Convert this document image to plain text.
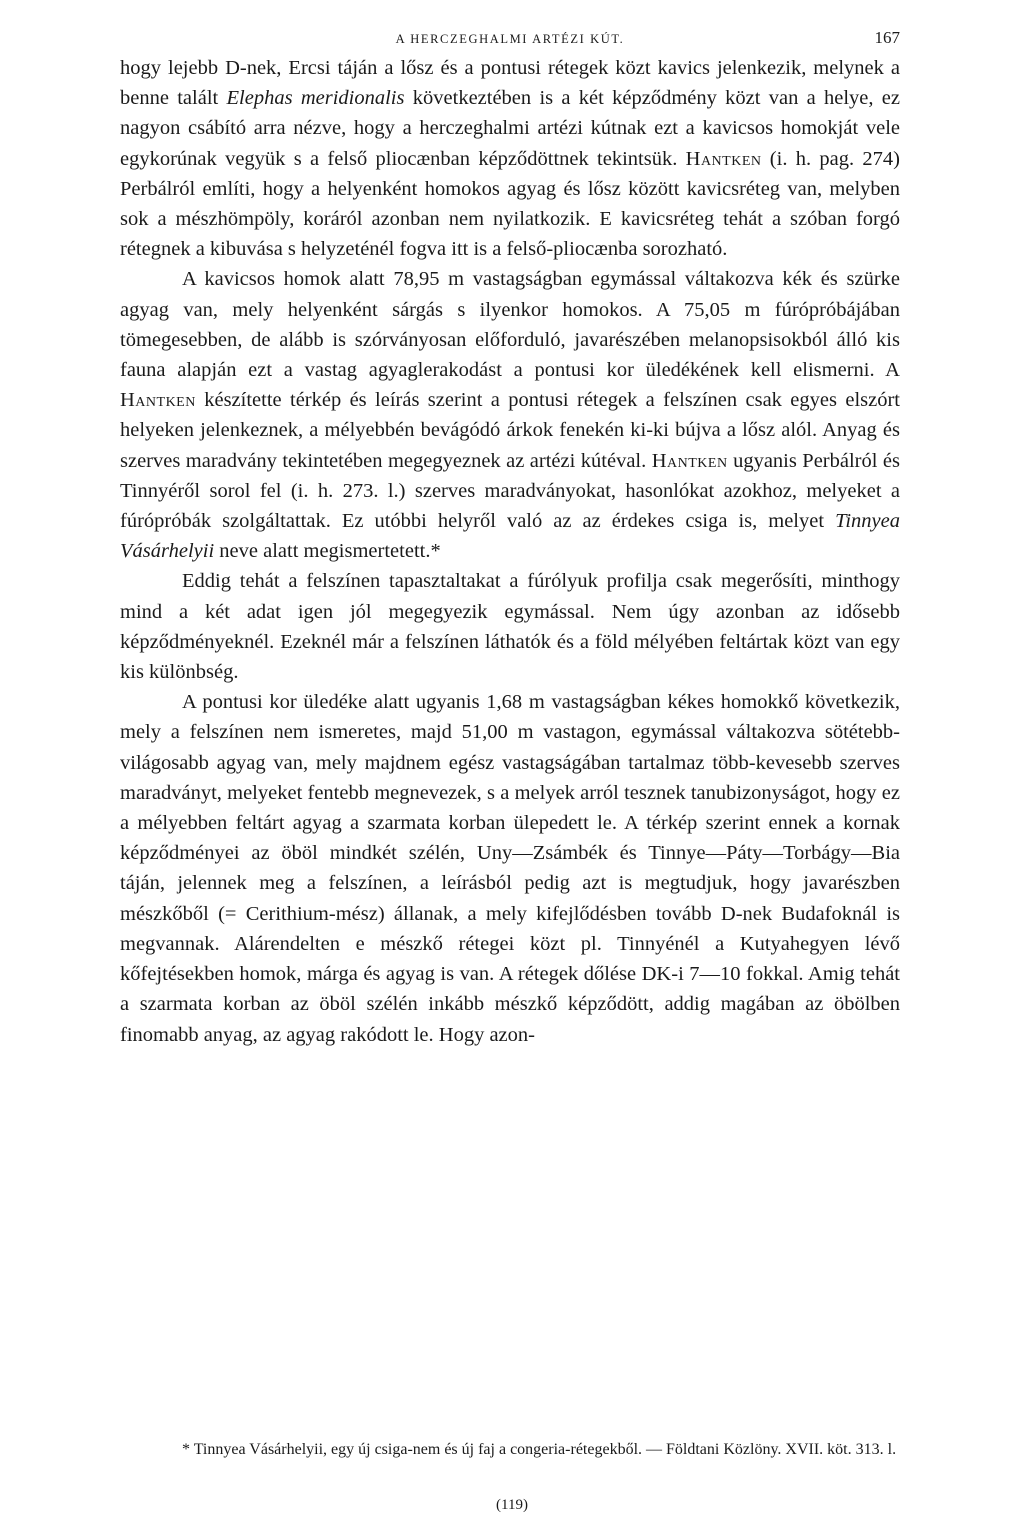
A HERCZEGHALMI ARTÉZI KÚT.	167

hogy lejebb D-nek, Ercsi táján a lősz és a pontusi rétegek közt kavics jelenkezik, melynek a benne talált Elephas meridionalis következtében is a két képződmény közt van a helye, ez nagyon csábító arra nézve, hogy a herczeghalmi artézi kútnak ezt a kavicsos homokját vele egykorúnak vegyük s a felső pliocænban képződöttnek tekintsük. Hantken (i. h. pag. 274) Perbálról említi, hogy a helyenként homokos agyag és lősz között kavicsréteg van, melyben sok a mészhömpöly, koráról azonban nem nyilatkozik. E kavicsréteg tehát a szóban forgó rétegnek a kibuvása s helyzeténél fogva itt is a felső-pliocænba sorozható.

A kavicsos homok alatt 78,95 m vastagságban egymással váltakozva kék és szürke agyag van, mely helyenként sárgás s ilyenkor homokos. A 75,05 m fúrópróbájában tömegesebben, de alább is szórványosan előforduló, javarészében melanopsisokból álló kis fauna alapján ezt a vastag agyaglerakodást a pontusi kor üledékének kell elismerni. A Hantken készítette térkép és leírás szerint a pontusi rétegek a felszínen csak egyes elszórt helyeken jelenkeznek, a mélyebbén bevágódó árkok fenekén ki-ki bújva a lősz alól. Anyag és szerves maradvány tekintetében megegyeznek az artézi kútéval. Hantken ugyanis Perbálról és Tinnyéről sorol fel (i. h. 273. l.) szerves maradványokat, hasonlókat azokhoz, melyeket a fúrópróbák szolgáltattak. Ez utóbbi helyről való az az érdekes csiga is, melyet Tinnyea Vásárhelyii neve alatt megismertetett.*

Eddig tehát a felszínen tapasztaltakat a fúrólyuk profilja csak megerősíti, minthogy mind a két adat igen jól megegyezik egymással. Nem úgy azonban az idősebb képződményeknél. Ezeknél már a felszínen láthatók és a föld mélyében feltártak közt van egy kis különbség.

A pontusi kor üledéke alatt ugyanis 1,68 m vastagságban kékes homokkő következik, mely a felszínen nem ismeretes, majd 51,00 m vastagon, egymással váltakozva sötétebb-világosabb agyag van, mely majdnem egész vastagságában tartalmaz több-kevesebb szerves maradványt, melyeket fentebb megnevezek, s a melyek arról tesznek tanubizonyságot, hogy ez a mélyebben feltárt agyag a szarmata korban ülepedett le. A térkép szerint ennek a kornak képződményei az öböl mindkét szélén, Uny—Zsámbék és Tinnye—Páty—Torbágy—Bia táján, jelennek meg a felszínen, a leírásból pedig azt is megtudjuk, hogy javarészben mészkőből (= Cerithium-mész) állanak, a mely kifejlődésben tovább D-nek Budafoknál is megvannak. Alárendelten e mészkő rétegei közt pl. Tinnyénél a Kutyahegyen lévő kőfejtésekben homok, márga és agyag is van. A rétegek dőlése DK-i 7—10 fokkal. Amig tehát a szarmata korban az öböl szélén inkább mészkő képződött, addig magában az öbölben finomabb anyag, az agyag rakódott le. Hogy azon-

* Tinnyea Vásárhelyii, egy új csiga-nem és új faj a congeria-rétegekből. — Földtani Közlöny. XVII. köt. 313. l.

(119)
